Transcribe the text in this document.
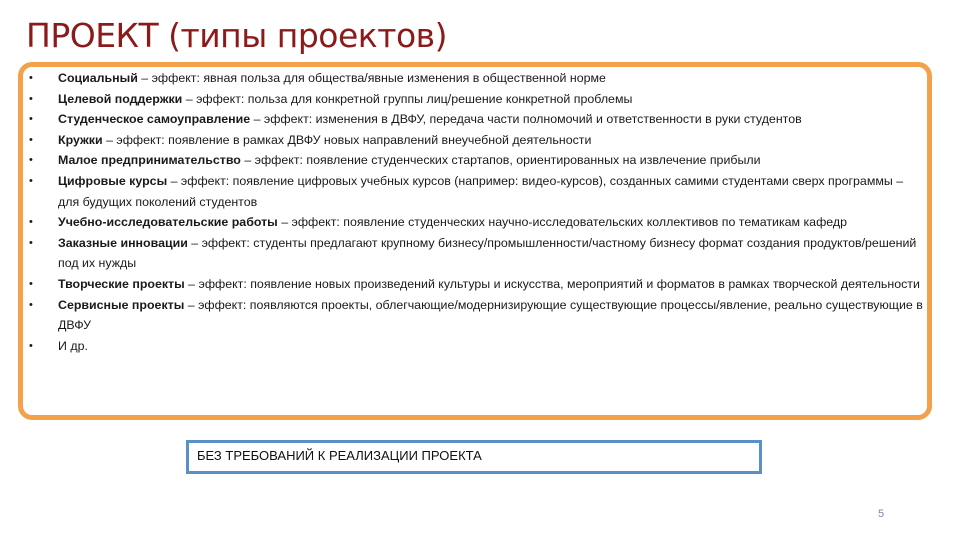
ПРОЕКТ (типы проектов)
• Социальный – эффект: явная польза для общества/явные изменения в общественной норме
• Целевой поддержки – эффект: польза для конкретной группы лиц/решение конкретной проблемы
• Студенческое самоуправление – эффект: изменения в ДВФУ, передача части полномочий и ответственности в руки студентов
• Кружки – эффект: появление в рамках ДВФУ новых направлений внеучебной деятельности
• Малое предпринимательство – эффект: появление студенческих стартапов, ориентированных на извлечение прибыли
• Цифровые курсы – эффект: появление цифровых учебных курсов (например: видео-курсов), созданных самими студентами сверх программы – для будущих поколений студентов
• Учебно-исследовательские работы – эффект: появление студенческих научно-исследовательских коллективов по тематикам кафедр
• Заказные инновации – эффект: студенты предлагают крупному бизнесу/промышленности/частному бизнесу формат создания продуктов/решений под их нужды
• Творческие проекты – эффект: появление новых произведений культуры и искусства, мероприятий и форматов в рамках творческой деятельности
• Сервисные проекты – эффект: появляются проекты, облегчающие/модернизирующие существующие процессы/явление, реально существующие в ДВФУ
• И др.
БЕЗ ТРЕБОВАНИЙ К РЕАЛИЗАЦИИ ПРОЕКТА
5
